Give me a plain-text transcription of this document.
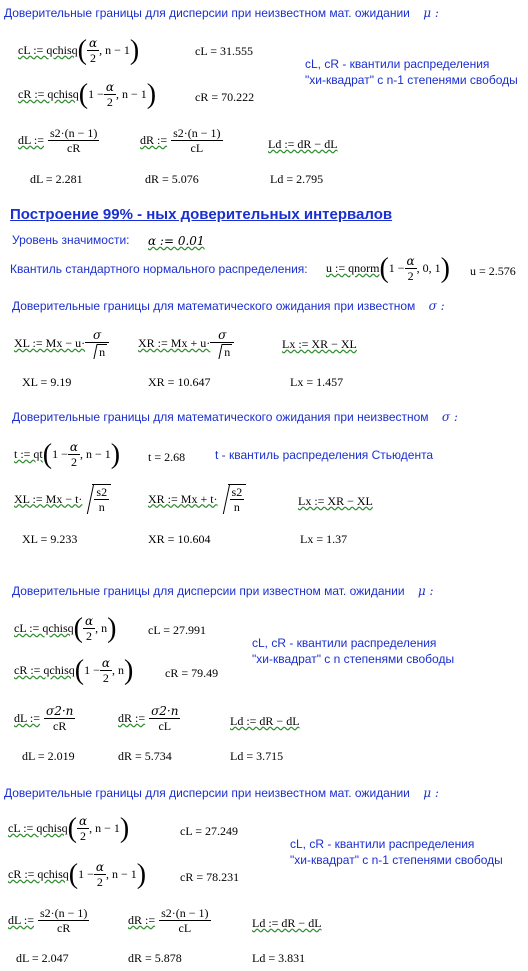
Доверительные границы для дисперсии при неизвестном мат. ожидании μ :
cL := qchisq ( $\frac{\alpha}{2}$ , n − 1 )	cL = 31.555
cL, cR - квантили распределения
"хи-квадрат" с n-1 степенями свободы
cR := qchisq ( $1 - \frac{\alpha}{2}$ , n − 1 )	cR = 70.222
dL := $\frac{s2\cdot(n - 1)}{cR}$	dR := $\frac{s2\cdot(n - 1)}{cL}$	Ld := dR − dL
dL = 2.281	dR = 5.076	Ld = 2.795
Построение 99% - ных доверительных интервалов
Уровень значимости: α := 0.01
Квантиль стандартного нормального распределения: u := qnorm ( $1 - \frac{\alpha}{2}$ , 0, 1 ) u = 2.576
Доверительные границы для математического ожидания при известном σ :
XL := $Mx - u\cdot \frac{\sigma}{n}$ XR := $Mx + u\cdot \frac{\sigma}{n}$	Lx := XR − XL
XL = 9.19	XR = 10.647	Lx = 1.457
Доверительные границы для математического ожидания при неизвестном σ :
t := qt ( $1 - \frac{\alpha}{2}$ , n − 1 ) t = 2.68 t - квантиль распределения Стьюдента
XL := $Mx - t\cdot \frac{s2}{n}$	XR := $Mx + t\cdot \frac{s2}{n}$	Lx := XR − XL
XL = 9.233	XR = 10.604	Lx = 1.37
Доверительные границы для дисперсии при известном мат. ожидании μ :
cL := qchisq ( $\frac{\alpha}{2}$ , n )	cL = 27.991
cL, cR - квантили распределения
"хи-квадрат" с n степенями свободы
cR := qchisq ( $1 - \frac{\alpha}{2}$ , n )	cR = 79.49
dL := $\frac{\sigma 2\cdot n}{cR}$	dR := $\frac{\sigma 2\cdot n}{cL}$	Ld := dR − dL
dL = 2.019	dR = 5.734	Ld = 3.715
Доверительные границы для дисперсии при неизвестном мат. ожидании μ :
cL := qchisq ( $\frac{\alpha}{2}$ , n − 1 )	cL = 27.249
cL, cR - квантили распределения
"хи-квадрат" с n-1 степенями свободы
cR := qchisq ( $1 - \frac{\alpha}{2}$ , n − 1 )	cR = 78.231
dL := $\frac{s2\cdot(n - 1)}{cR}$	dR := $\frac{s2\cdot(n - 1)}{cL}$	Ld := dR − dL
dL = 2.047	dR = 5.878	Ld = 3.831
